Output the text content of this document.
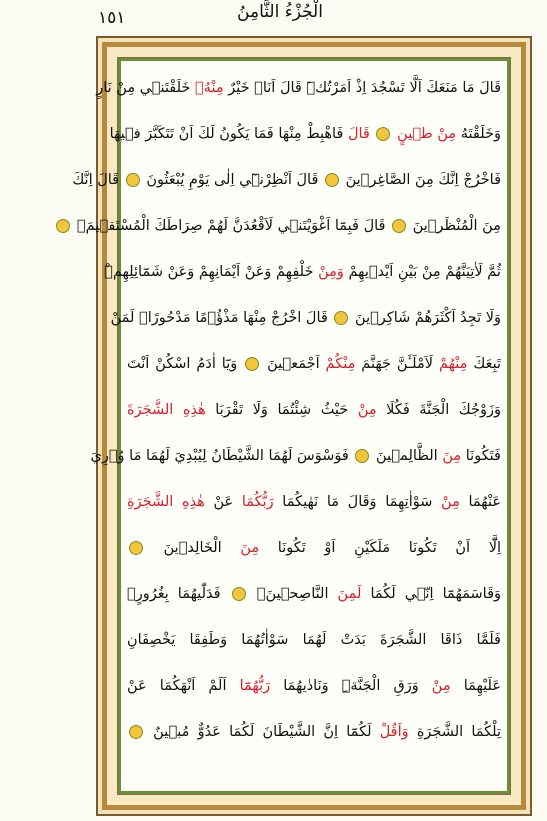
الْجُزْءُ الثَّامِنُ
١٥١
قَالَ مَا مَنَعَكَ اَلَّا تَسْجُدَ اِذْ اَمَرْتُكَۜ قَالَ اَنَا۬ خَيْرٌ مِنْهُۚ خَلَقْتَن۪ي مِنْ نَارٍ
وَخَلَقْتَهُ مِنْ طٖينٍ  قَالَ فَاهْبِطْ مِنْهَا فَمَا يَكُونُ لَكَ اَنْ تَتَكَبَّرَ ف۪يهَا
فَاخْرُجْ اِنَّكَ مِنَ الصَّاغِر۪ينَ  قَالَ اَنْظِرْن۪ٓي اِلٰى يَوْمِ يُبْعَثُونَ  قَالَ اِنَّكَ
مِنَ الْمُنْظَر۪ينَ  قَالَ فَبِمَٓا اَغْوَيْتَن۪ي لَاَقْعُدَنَّ لَهُمْ صِرَاطَكَ الْمُسْتَق۪يمَۙ
ثُمَّ لَاٰتِيَنَّهُمْ مِنْ بَيْنِ اَيْد۪يهِمْ وَمِنْ خَلْفِهِمْ وَعَنْ اَيْمَانِهِمْ وَعَنْ شَمَٓائِلِهِمْۜ
وَلَا تَجِدُ اَكْثَرَهُمْ شَاكِر۪ينَ  قَالَ اخْرُجْ مِنْهَا مَذْؤُ۫مًا مَدْحُورًاۜ لَمَنْ
تَبِعَكَ مِنْهُمْ لَاَمْلَـَٔنَّ جَهَنَّمَ مِنْكُمْ اَجْمَع۪ينَ  وَيَٓا اٰدَمُ اسْكُنْ اَنْتَ
وَزَوْجُكَ الْجَنَّةَ فَكُلَا مِنْ حَيْثُ شِئْتُمَا وَلَا تَقْرَبَا هٰذِهِ الشَّجَرَةَ
فَتَكُونَا مِنَ الظَّالِم۪ينَ  فَوَسْوَسَ لَهُمَا الشَّيْطَانُ لِيُبْدِيَ لَهُمَا مَا وُ۫رِيَ
عَنْهُمَا مِنْ سَوْاٰتِهِمَا وَقَالَ مَا نَهٰيكُمَا رَبُّكُمَا عَنْ هٰذِهِ الشَّجَرَةِ
اِلَّٓا اَنْ تَكُونَا مَلَكَيْنِ اَوْ تَكُونَا مِنَ الْخَالِد۪ينَ
وَقَاسَمَهُمَٓا اِنّ۪ي لَكُمَا لَمِنَ النَّاصِح۪ينَۙ  فَدَلّٰيهُمَا بِغُرُورٍۚ
فَلَمَّا ذَاقَا الشَّجَرَةَ بَدَتْ لَهُمَا سَوْاٰتُهُمَا وَطَفِقَا يَخْصِفَانِ
عَلَيْهِمَا مِنْ وَرَقِ الْجَنَّةِۜ وَنَادٰيهُمَا رَبُّهُمَٓا اَلَمْ اَنْهَكُمَا عَنْ
تِلْكُمَا الشَّجَرَةِ وَاَقُلْ لَكُمَٓا اِنَّ الشَّيْطَانَ لَكُمَا عَدُوٌّ مُب۪ينٌ
